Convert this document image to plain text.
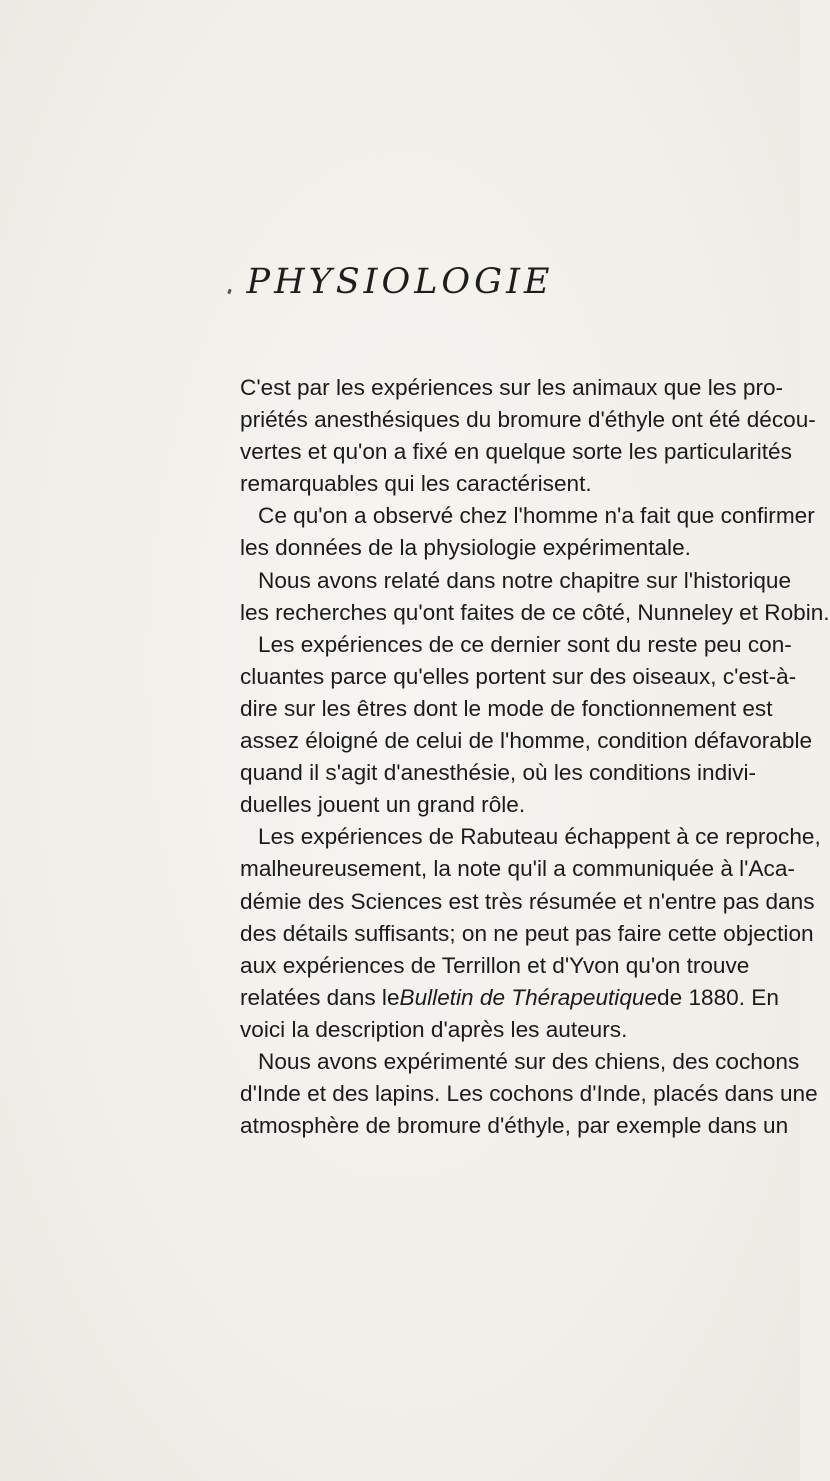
PHYSIOLOGIE
C'est par les expériences sur les animaux que les pro-
priétés anesthésiques du bromure d'éthyle ont été décou-
vertes et qu'on a fixé en quelque sorte les particularités
remarquables qui les caractérisent.
Ce qu'on a observé chez l'homme n'a fait que confirmer
les données de la physiologie expérimentale.
Nous avons relaté dans notre chapitre sur l'historique
les recherches qu'ont faites de ce côté, Nunneley et Robin.
Les expériences de ce dernier sont du reste peu con-
cluantes parce qu'elles portent sur des oiseaux, c'est-à-
dire sur les êtres dont le mode de fonctionnement est
assez éloigné de celui de l'homme, condition défavorable
quand il s'agit d'anesthésie, où les conditions indivi-
duelles jouent un grand rôle.
Les expériences de Rabuteau échappent à ce reproche,
malheureusement, la note qu'il a communiquée à l'Aca-
démie des Sciences est très résumée et n'entre pas dans
des détails suffisants; on ne peut pas faire cette objection
aux expériences de Terrillon et d'Yvon qu'on trouve
relatées dans le Bulletin de Thérapeutique de 1880. En
voici la description d'après les auteurs.
Nous avons expérimenté sur des chiens, des cochons
d'Inde et des lapins. Les cochons d'Inde, placés dans une
atmosphère de bromure d'éthyle, par exemple dans un
